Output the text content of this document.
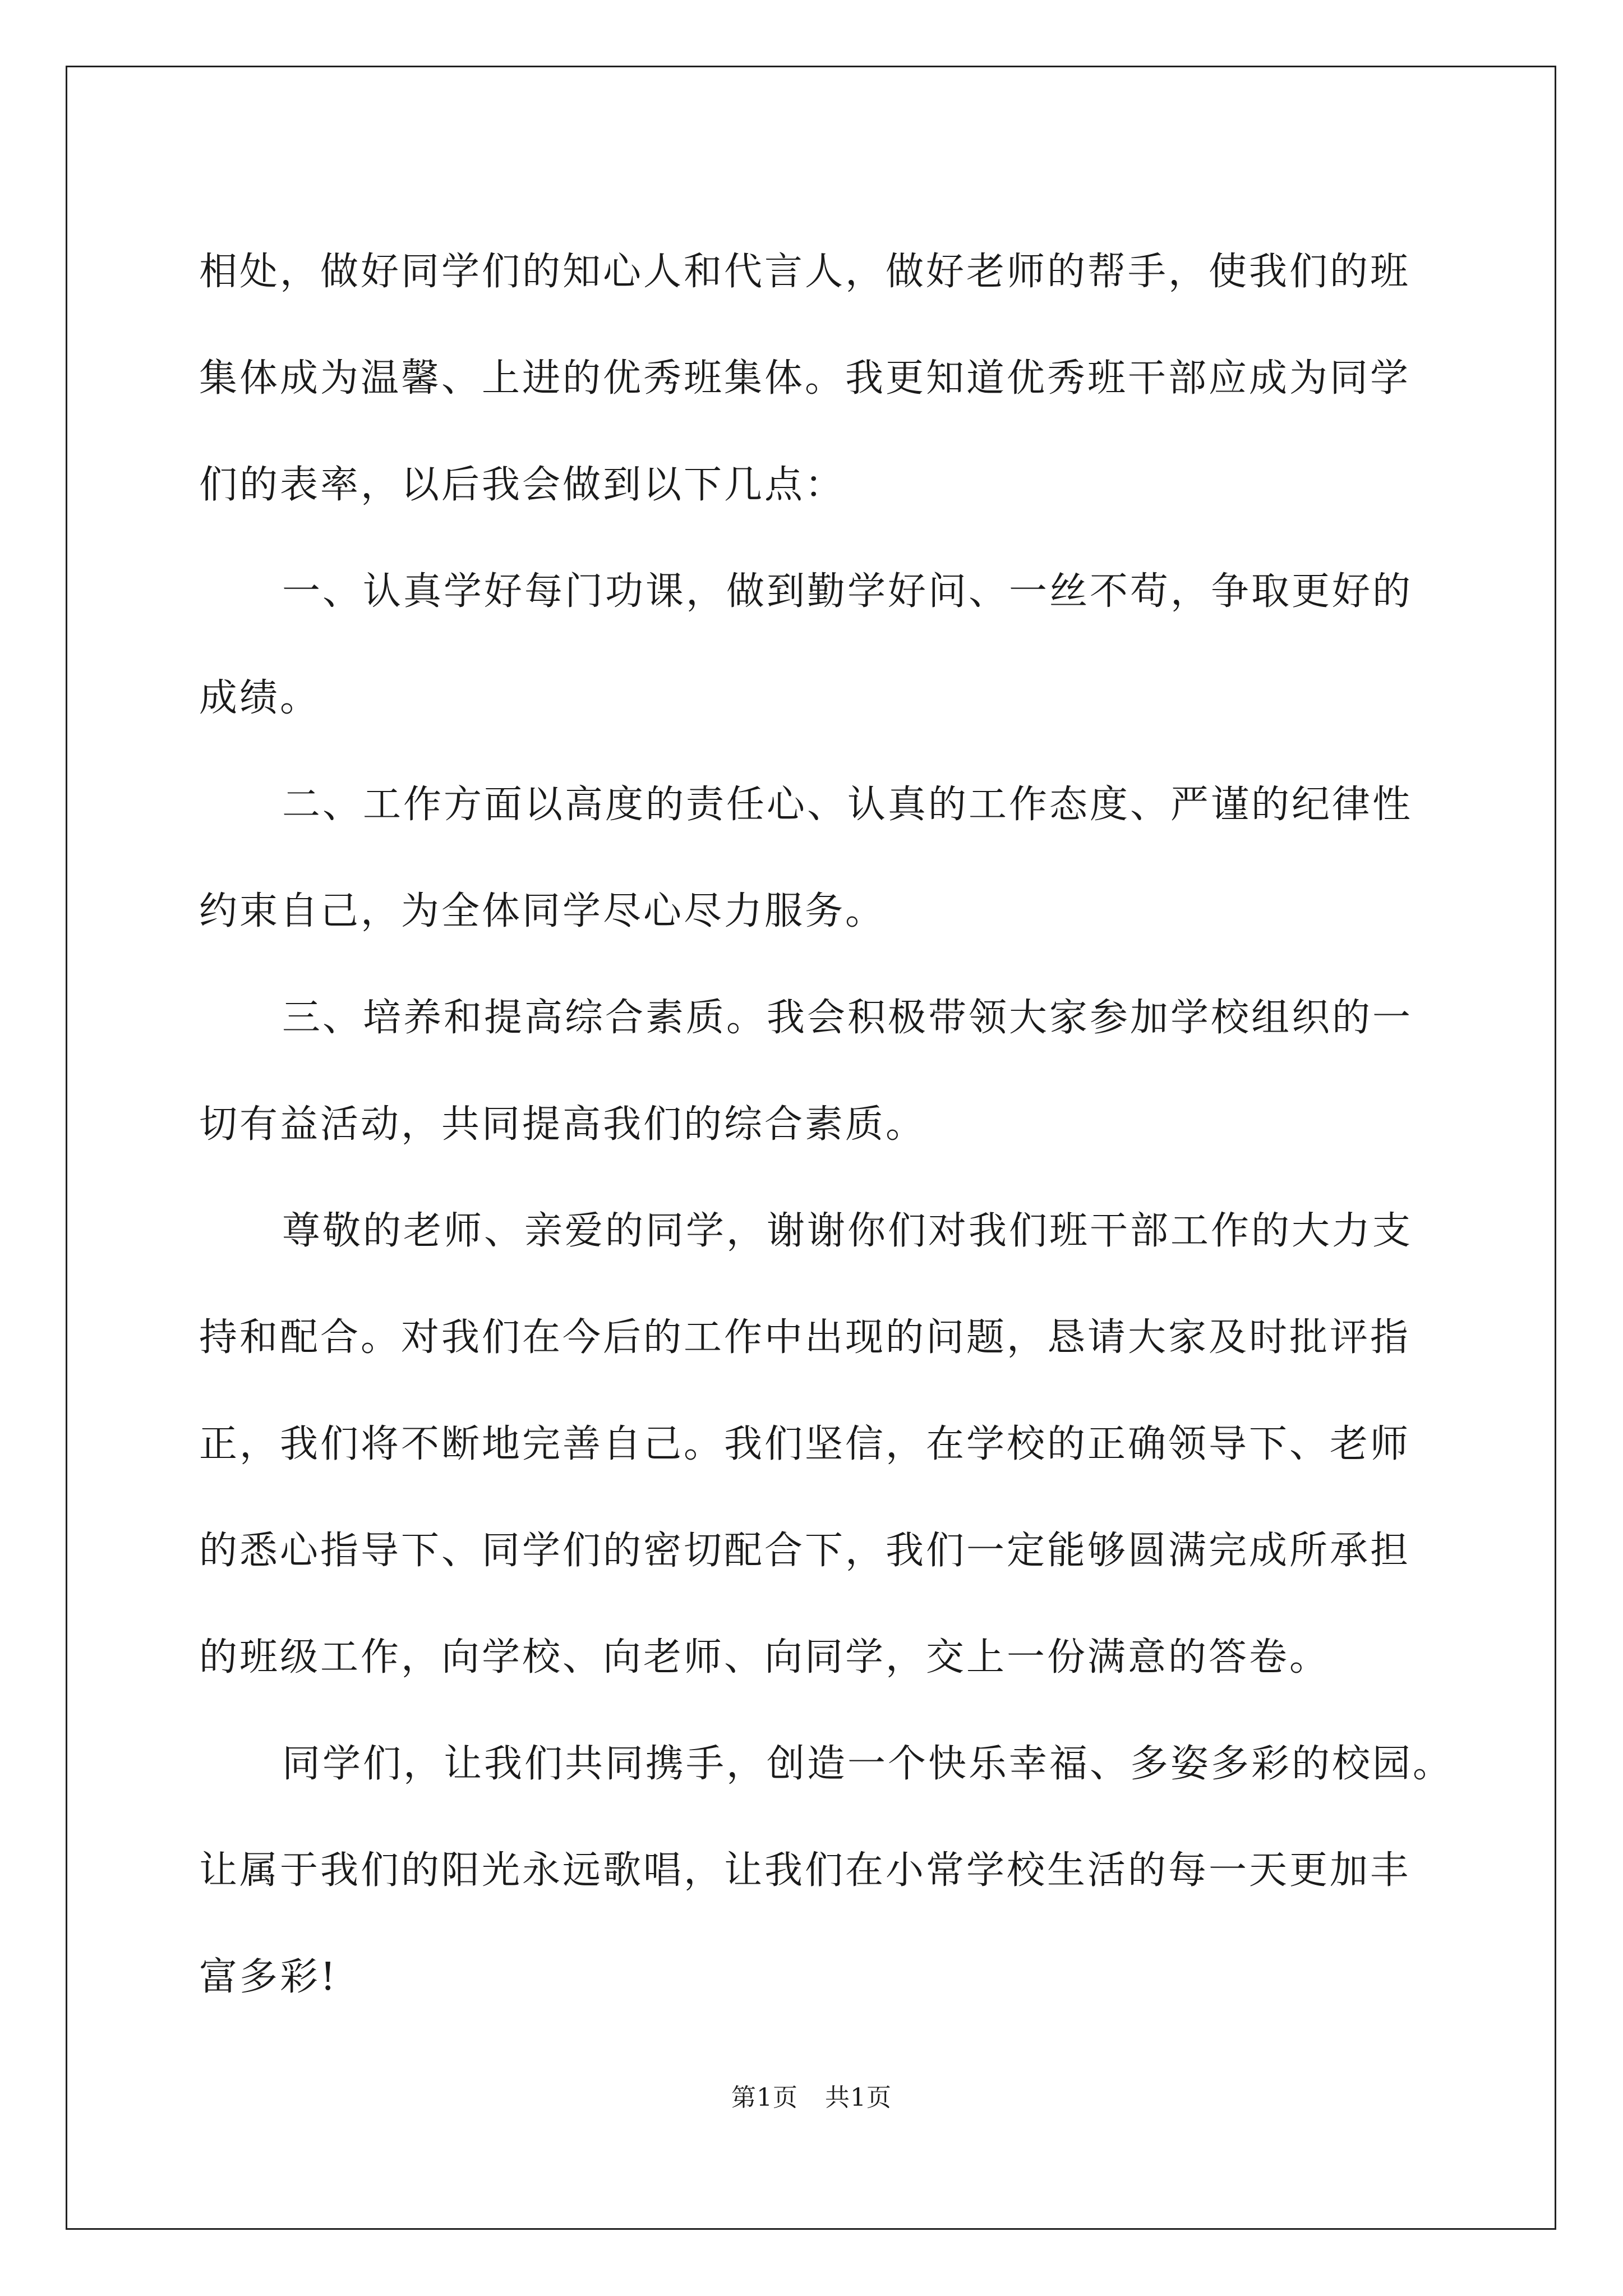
相处，做好同学们的知心人和代言人，做好老师的帮手，使我们的班
集体成为温馨、上进的优秀班集体。我更知道优秀班干部应成为同学
们的表率，以后我会做到以下几点：
一、认真学好每门功课，做到勤学好问、一丝不苟，争取更好的
成绩。
二、工作方面以高度的责任心、认真的工作态度、严谨的纪律性
约束自己，为全体同学尽心尽力服务。
三、培养和提高综合素质。我会积极带领大家参加学校组织的一
切有益活动，共同提高我们的综合素质。
尊敬的老师、亲爱的同学，谢谢你们对我们班干部工作的大力支
持和配合。对我们在今后的工作中出现的问题，恳请大家及时批评指
正，我们将不断地完善自己。我们坚信，在学校的正确领导下、老师
的悉心指导下、同学们的密切配合下，我们一定能够圆满完成所承担
的班级工作，向学校、向老师、向同学，交上一份满意的答卷。
同学们，让我们共同携手，创造一个快乐幸福、多姿多彩的校园。
让属于我们的阳光永远歌唱，让我们在小常学校生活的每一天更加丰
富多彩!
第1页 共1页
